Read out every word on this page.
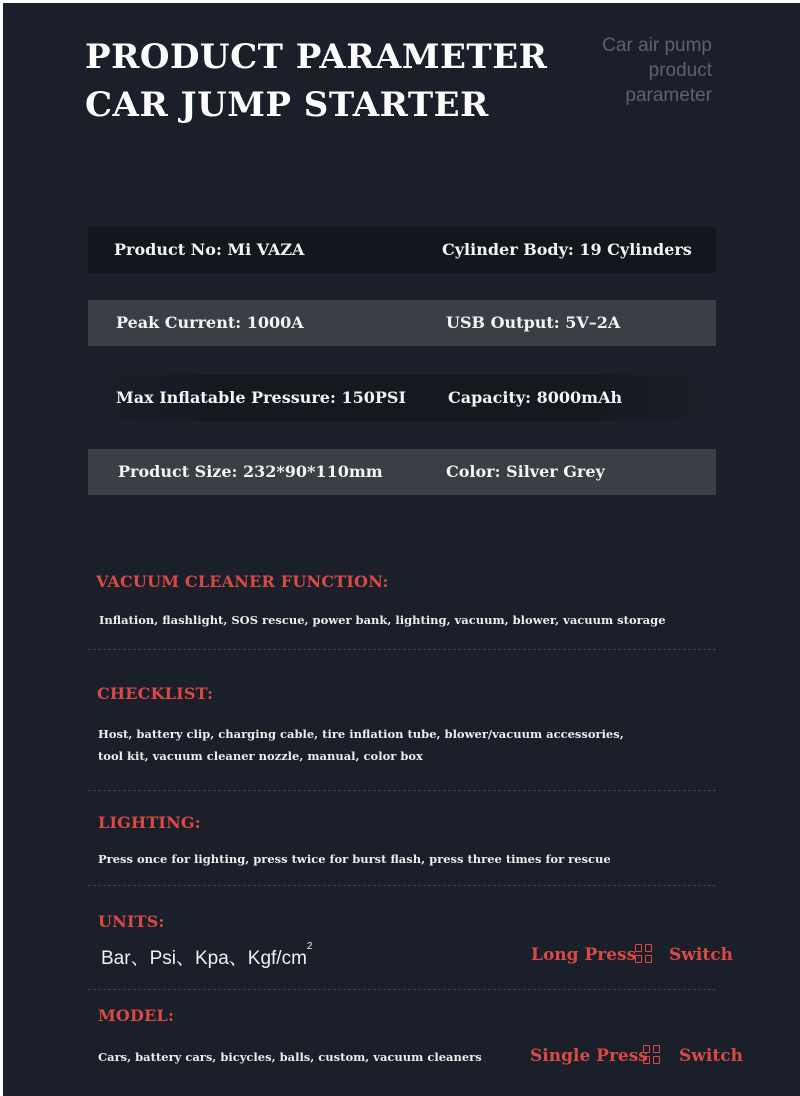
PRODUCT PARAMETER
CAR JUMP STARTER
Car air pump
product
parameter
Product No: Mi VAZA	Cylinder Body: 19 Cylinders
Peak Current: 1000A	USB Output: 5V–2A
Max Inflatable Pressure: 150PSI	Capacity: 8000mAh
Product Size: 232*90*110mm	Color: Silver Grey
VACUUM CLEANER FUNCTION:
Inflation, flashlight, SOS rescue, power bank, lighting, vacuum, blower, vacuum storage
CHECKLIST:
Host, battery clip, charging cable, tire inflation tube, blower/vacuum accessories,
tool kit, vacuum cleaner nozzle, manual, color box
LIGHTING:
Press once for lighting, press twice for burst flash, press three times for rescue
UNITS:
Bar、Psi、Kpa、Kgf/$cm^2$	Long Press Switch
MODEL:
Cars, battery cars, bicycles, balls, custom, vacuum cleaners	Single Press Switch
